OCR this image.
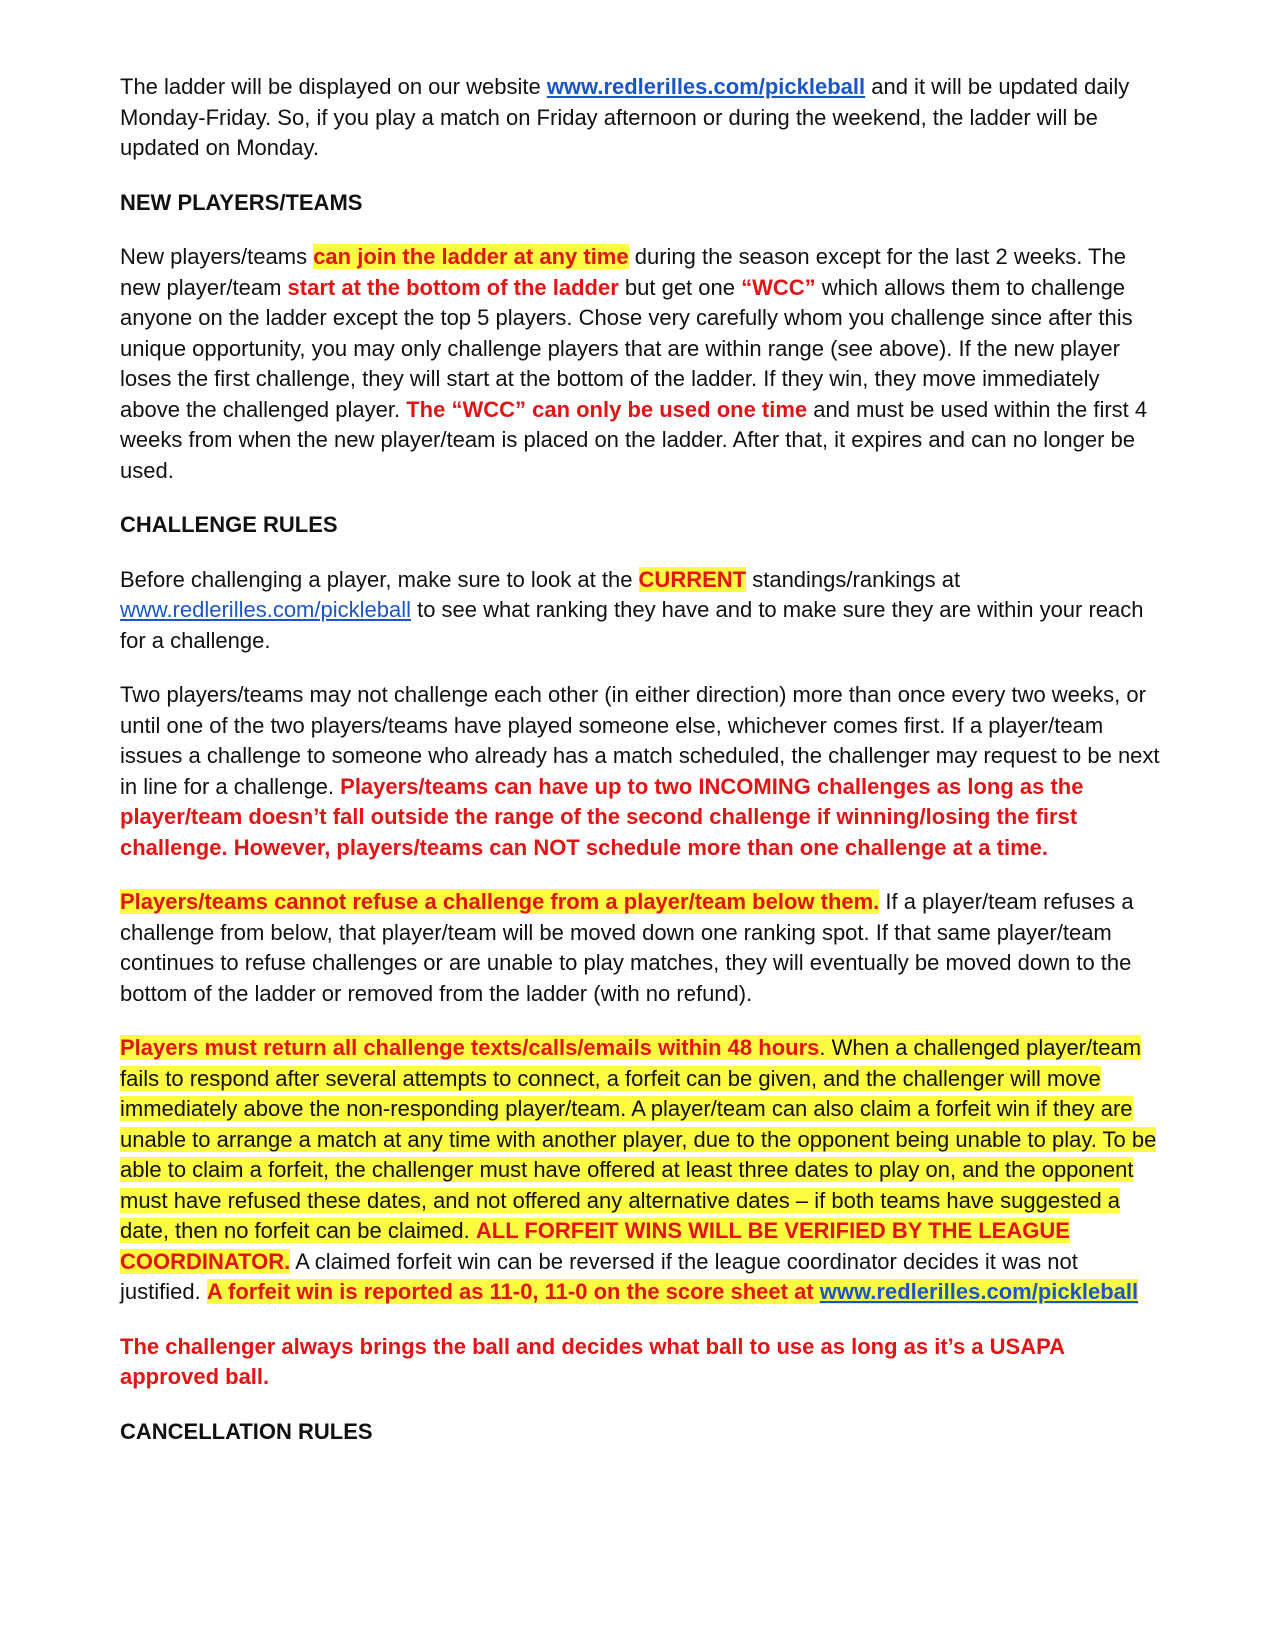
The ladder will be displayed on our website www.redlerilles.com/pickleball and it will be updated daily Monday-Friday. So, if you play a match on Friday afternoon or during the weekend, the ladder will be updated on Monday.

NEW PLAYERS/TEAMS

New players/teams can join the ladder at any time during the season except for the last 2 weeks. The new player/team start at the bottom of the ladder but get one “WCC” which allows them to challenge anyone on the ladder except the top 5 players. Chose very carefully whom you challenge since after this unique opportunity, you may only challenge players that are within range (see above). If the new player loses the first challenge, they will start at the bottom of the ladder. If they win, they move immediately above the challenged player. The “WCC” can only be used one time and must be used within the first 4 weeks from when the new player/team is placed on the ladder. After that, it expires and can no longer be used.

CHALLENGE RULES

Before challenging a player, make sure to look at the CURRENT standings/rankings at www.redlerilles.com/pickleball to see what ranking they have and to make sure they are within your reach for a challenge.

Two players/teams may not challenge each other (in either direction) more than once every two weeks, or until one of the two players/teams have played someone else, whichever comes first. If a player/team issues a challenge to someone who already has a match scheduled, the challenger may request to be next in line for a challenge. Players/teams can have up to two INCOMING challenges as long as the player/team doesn’t fall outside the range of the second challenge if winning/losing the first challenge. However, players/teams can NOT schedule more than one challenge at a time.

Players/teams cannot refuse a challenge from a player/team below them. If a player/team refuses a challenge from below, that player/team will be moved down one ranking spot. If that same player/team continues to refuse challenges or are unable to play matches, they will eventually be moved down to the bottom of the ladder or removed from the ladder (with no refund).

Players must return all challenge texts/calls/emails within 48 hours. When a challenged player/team fails to respond after several attempts to connect, a forfeit can be given, and the challenger will move immediately above the non-responding player/team. A player/team can also claim a forfeit win if they are unable to arrange a match at any time with another player, due to the opponent being unable to play. To be able to claim a forfeit, the challenger must have offered at least three dates to play on, and the opponent must have refused these dates, and not offered any alternative dates – if both teams have suggested a date, then no forfeit can be claimed. ALL FORFEIT WINS WILL BE VERIFIED BY THE LEAGUE COORDINATOR. A claimed forfeit win can be reversed if the league coordinator decides it was not justified. A forfeit win is reported as 11-0, 11-0 on the score sheet at www.redlerilles.com/pickleball

The challenger always brings the ball and decides what ball to use as long as it’s a USAPA approved ball.

CANCELLATION RULES
